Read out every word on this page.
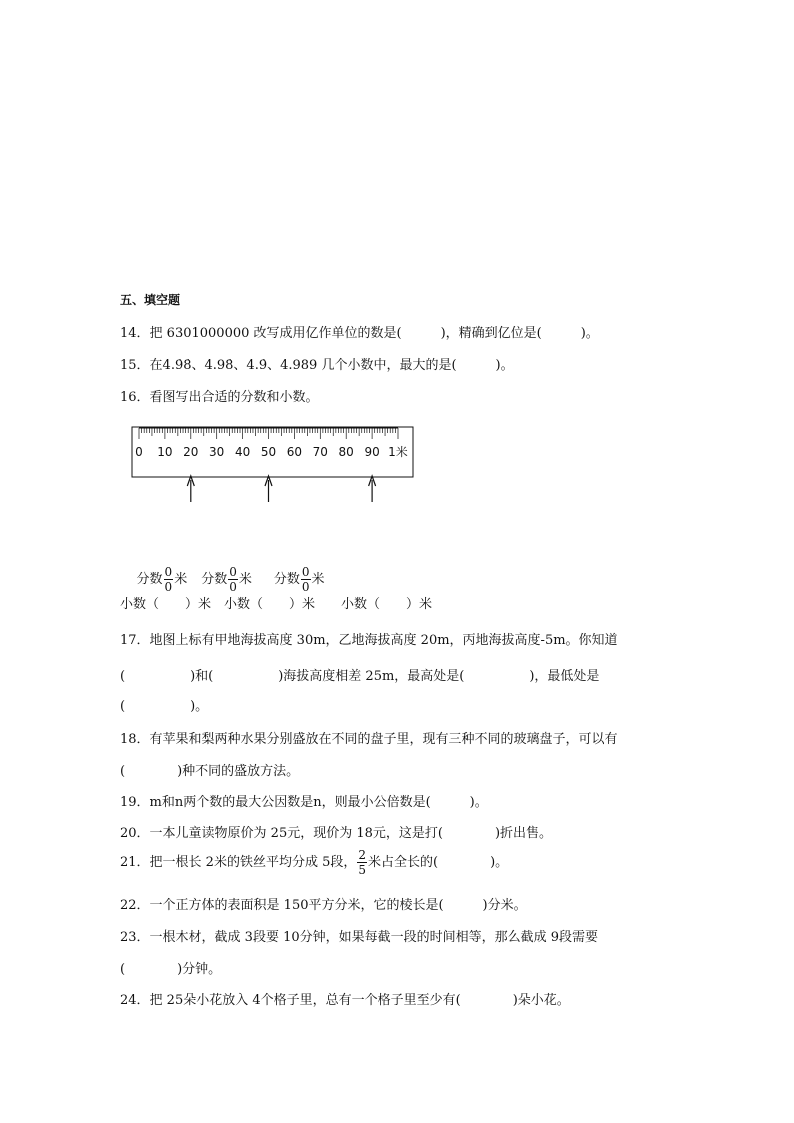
五、填空题
14．把 6301000000 改写成用亿作单位的数是(　　　)，精确到亿位是(　　　)。
15．在4.9̇8̇、4.98̇、4.9̇、4.989 几个小数中，最大的是(　　　)。
16．看图写出合适的分数和小数。
0 10 20 30 40 50 60 70 80 90 1米

分数 $\frac{0}{0}$ 米 分数 $\frac{0}{0}$ 米 分数 $\frac{0}{0}$ 米

小数（　　）米　小数（　　）米　　小数（　　）米
17．地图上标有甲地海拔高度 30m，乙地海拔高度 20m，丙地海拔高度-5m。你知道
(　　　　　)和(　　　　　)海拔高度相差 25m，最高处是(　　　　　)，最低处是
(　　　　　)。
18．有苹果和梨两种水果分别盛放在不同的盘子里，现有三种不同的玻璃盘子，可以有
(　　　　)种不同的盛放方法。
19．m和n两个数的最大公因数是n，则最小公倍数是(　　　)。
20．一本儿童读物原价为 25元，现价为 18元，这是打(　　　　)折出售。
21．把一根长 2米的铁丝平均分成 5段， $\frac{2}{5}$ 米占全长的(　　　　)。
22．一个正方体的表面积是 150平方分米，它的棱长是(　　　)分米。
23．一根木材，截成 3段要 10分钟，如果每截一段的时间相等，那么截成 9段需要
(　　　　)分钟。
24．把 25朵小花放入 4个格子里，总有一个格子里至少有(　　　　)朵小花。
